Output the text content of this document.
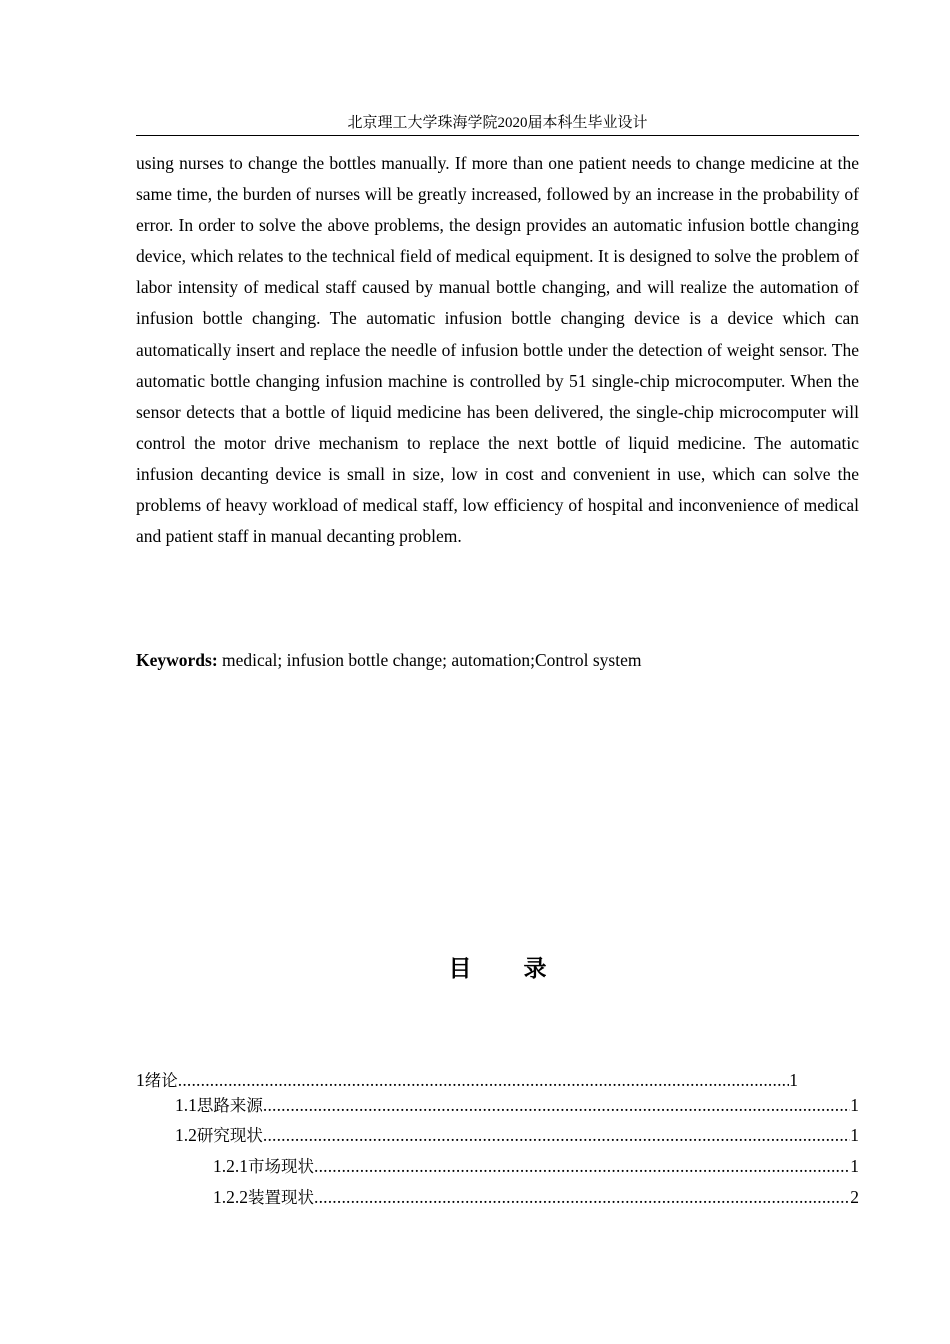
北京理工大学珠海学院2020届本科生毕业设计

using nurses to change the bottles manually. If more than one patient needs to change medicine at the same time, the burden of nurses will be greatly increased, followed by an increase in the probability of error. In order to solve the above problems, the design provides an automatic infusion bottle changing device, which relates to the technical field of medical equipment. It is designed to solve the problem of labor intensity of medical staff caused by manual bottle changing, and will realize the automation of infusion bottle changing. The automatic infusion bottle changing device is a device which can automatically insert and replace the needle of infusion bottle under the detection of weight sensor. The automatic bottle changing infusion machine is controlled by 51 single-chip microcomputer. When the sensor detects that a bottle of liquid medicine has been delivered, the single-chip microcomputer will control the motor drive mechanism to replace the next bottle of liquid medicine. The automatic infusion decanting device is small in size, low in cost and convenient in use, which can solve the problems of heavy workload of medical staff, low efficiency of hospital and inconvenience of medical and patient staff in manual decanting problem.

Keywords: medical; infusion bottle change; automation;Control system

目 录
1 绪论 .....	1
1.1 思路来源 .....	1
1.2 研究现状 .....	1
1.2.1 市场现状 .....	1
1.2.2 装置现状 .....	2
